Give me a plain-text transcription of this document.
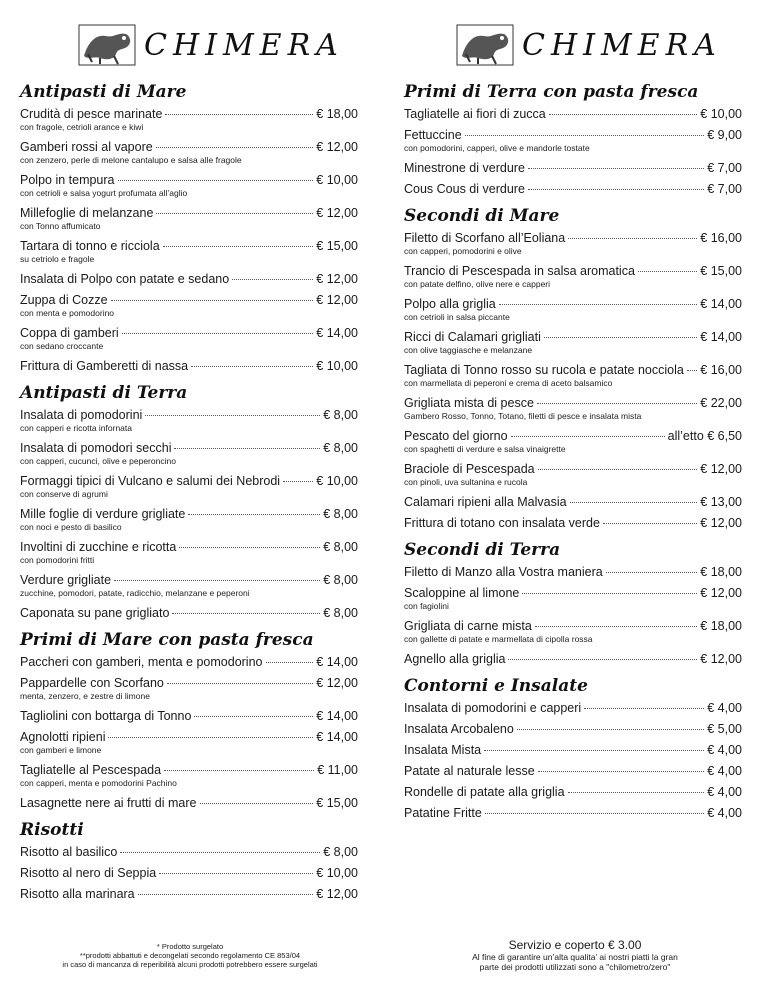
CHIMERA	CHIMERA
Antipasti di Mare
Crudità di pesce marinate	€ 18,00
con fragole, cetrioli arance e kiwi
Gamberi rossi al vapore	€ 12,00
con zenzero, perle di melone cantalupo e salsa alle fragole
Polpo in tempura	€ 10,00
con cetrioli e salsa yogurt profumata all’aglio
Millefoglie di melanzane	€ 12,00
con Tonno affumicato
Tartara di tonno e ricciola	€ 15,00
su cetriolo e fragole
Insalata di Polpo con patate e sedano	€ 12,00
Zuppa di Cozze	€ 12,00
con menta e pomodorino
Coppa di gamberi	€ 14,00
con sedano croccante
Frittura di Gamberetti di nassa	€ 10,00
Antipasti di Terra
Insalata di pomodorini	€ 8,00
con capperi e ricotta infornata
Insalata di pomodori secchi	€ 8,00
con capperi, cucunci, olive e peperoncino
Formaggi tipici di Vulcano e salumi dei Nebrodi	€ 10,00
con conserve di agrumi
Mille foglie di verdure grigliate	€ 8,00
con noci e pesto di basilico
Involtini di zucchine e ricotta	€ 8,00
con pomodorini fritti
Verdure grigliate	€ 8,00
zucchine, pomodori, patate, radicchio, melanzane e peperoni
Caponata su pane grigliato	€ 8,00
Primi di Mare con pasta fresca
Paccheri con gamberi, menta e pomodorino	€ 14,00
Pappardelle con Scorfano	€ 12,00
menta, zenzero, e zestre di limone
Tagliolini con bottarga di Tonno	€ 14,00
Agnolotti ripieni	€ 14,00
con gamberi e limone
Tagliatelle al Pescespada	€ 11,00
con capperi, menta e pomodorini Pachino
Lasagnette nere ai frutti di mare	€ 15,00
Risotti
Risotto al basilico	€ 8,00
Risotto al nero di Seppia	€ 10,00
Risotto alla marinara	€ 12,00
Primi di Terra con pasta fresca
Tagliatelle ai fiori di zucca	€ 10,00
Fettuccine	€ 9,00
con pomodorini, capperi, olive e mandorle tostate
Minestrone di verdure	€ 7,00
Cous Cous di verdure	€ 7,00
Secondi di Mare
Filetto di Scorfano all’Eoliana	€ 16,00
con capperi, pomodorini e olive
Trancio di Pescespada in salsa aromatica	€ 15,00
con patate delfino, olive nere e capperi
Polpo alla griglia	€ 14,00
con cetrioli in salsa piccante
Ricci di Calamari grigliati	€ 14,00
con olive taggiasche e melanzane
Tagliata di Tonno rosso su rucola e patate nocciola € 16,00
con marmellata di peperoni e crema di aceto balsamico
Grigliata mista di pesce	€ 22,00
Gambero Rosso, Tonno, Totano, filetti di pesce e insalata mista
Pescato del giorno	all’etto € 6,50
con spaghetti di verdure e salsa vinaigrette
Braciole di Pescespada	€ 12,00
con pinoli, uva sultanina e rucola
Calamari ripieni alla Malvasia	€ 13,00
Frittura di totano con insalata verde	€ 12,00
Secondi di Terra
Filetto di Manzo alla Vostra maniera	€ 18,00
Scaloppine al limone	€ 12,00
con fagiolini
Grigliata di carne mista	€ 18,00
con gallette di patate e marmellata di cipolla rossa
Agnello alla griglia	€ 12,00
Contorni e Insalate
Insalata di pomodorini e capperi	€ 4,00
Insalata Arcobaleno	€ 5,00
Insalata Mista	€ 4,00
Patate al naturale lesse	€ 4,00
Rondelle di patate alla griglia	€ 4,00
Patatine Fritte	€ 4,00
* Prodotto surgelato
**prodotti abbattuti e decongelati secondo regolamento CE 853/04
in caso di mancanza di reperibilità alcuni prodotti potrebbero essere surgelati
Servizio e coperto € 3.00
Al fine di garantire un’alta qualita’ ai nostri piatti la gran
parte dei prodotti utilizzati sono a "chilometro/zero"
